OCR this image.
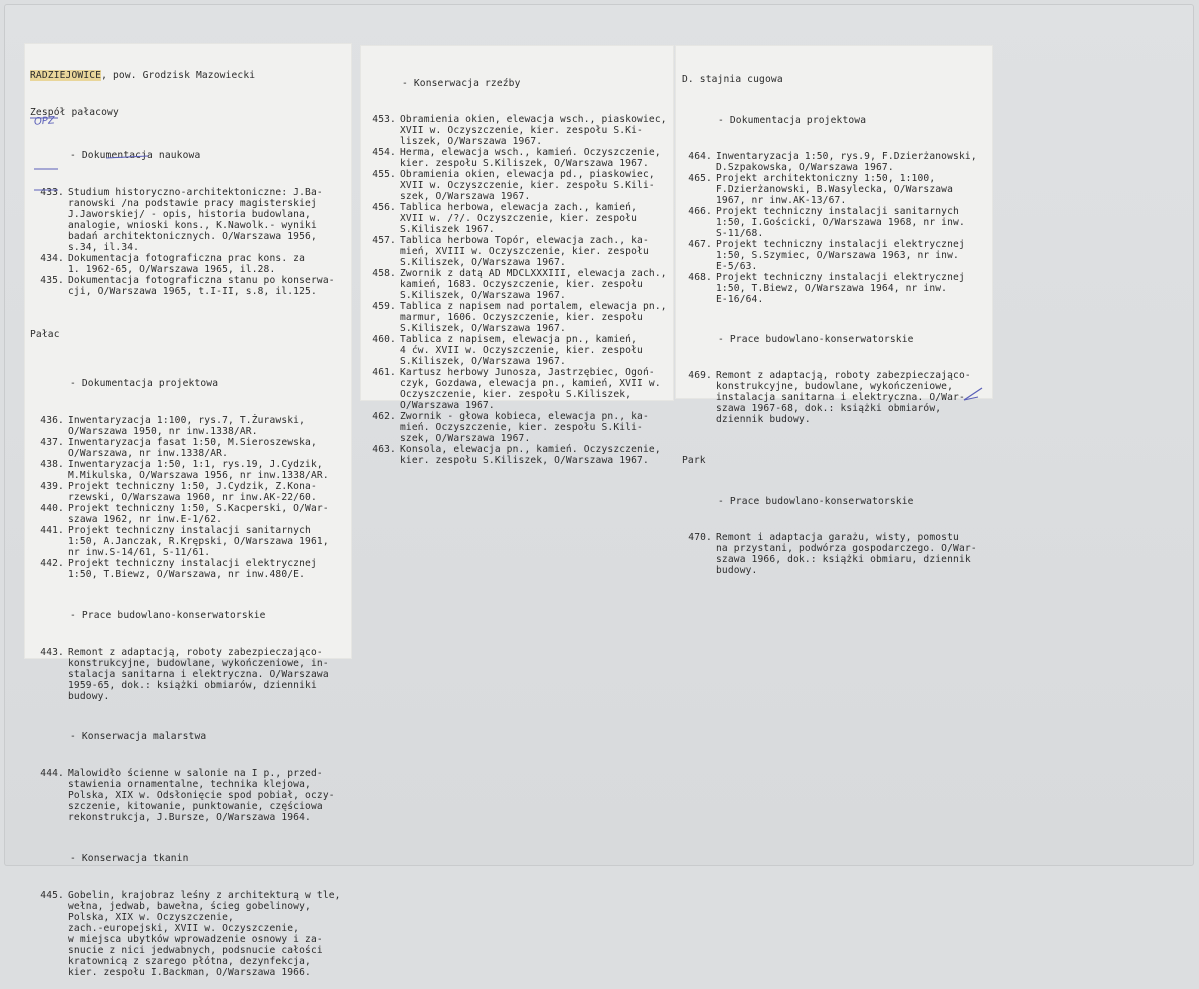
RADZIEJOWICE, pow. Grodzisk Mazowiecki

Zespół pałacowy

- Dokumentacja naukowa

433. Studium historyczno-architektoniczne: J.Ba-
ranowski /na podstawie pracy magisterskiej
J.Jaworskiej/ - opis, historia budowlana,
analogie, wnioski kons., K.Nawolk.- wyniki
badań architektonicznych. O/Warszawa 1956,
s.34, il.34.
434. Dokumentacja fotograficzna prac kons. za
1. 1962-65, O/Warszawa 1965, il.28.
435. Dokumentacja fotograficzna stanu po konserwa-
cji, O/Warszawa 1965, t.I-II, s.8, il.125.

Pałac

- Dokumentacja projektowa

436. Inwentaryzacja 1:100, rys.7, T.Żurawski,
O/Warszawa 1950, nr inw.1338/AR.
437. Inwentaryzacja fasat 1:50, M.Sieroszewska,
O/Warszawa, nr inw.1338/AR.
438. Inwentaryzacja 1:50, 1:1, rys.19, J.Cydzik,
M.Mikulska, O/Warszawa 1956, nr inw.1338/AR.
439. Projekt techniczny 1:50, J.Cydzik, Z.Kona-
rzewski, O/Warszawa 1960, nr inw.AK-22/60.
440. Projekt techniczny 1:50, S.Kacperski, O/War-
szawa 1962, nr inw.E-1/62.
441. Projekt techniczny instalacji sanitarnych
1:50, A.Janczak, R.Krępski, O/Warszawa 1961,
nr inw.S-14/61, S-11/61.
442. Projekt techniczny instalacji elektrycznej
1:50, T.Biewz, O/Warszawa, nr inw.480/E.

- Prace budowlano-konserwatorskie

443. Remont z adaptacją, roboty zabezpieczająco-
konstrukcyjne, budowlane, wykończeniowe, in-
stalacja sanitarna i elektryczna. O/Warszawa
1959-65, dok.: książki obmiarów, dzienniki
budowy.

- Konserwacja malarstwa

444. Malowidło ścienne w salonie na I p., przed-
stawienia ornamentalne, technika klejowa,
Polska, XIX w. Odsłonięcie spod pobiał, oczy-
szczenie, kitowanie, punktowanie, częściowa
rekonstrukcja, J.Bursze, O/Warszawa 1964.

- Konserwacja tkanin

445. Gobelin, krajobraz leśny z architekturą w tle,
wełna, jedwab, bawełna, ścieg gobelinowy,
Polska, XIX w. Oczyszczenie,
zach.-europejski, XVII w. Oczyszczenie,
w miejsca ubytków wprowadzenie osnowy i za-
snucie z nici jedwabnych, podsnucie całości
kratownicą z szarego płótna, dezynfekcja,
kier. zespołu I.Backman, O/Warszawa 1966.

- Konserwacja rzeźby

453. Obramienia okien, elewacja wsch., piaskowiec,
XVII w. Oczyszczenie, kier. zespołu S.Ki-
liszek, O/Warszawa 1967.
454. Herma, elewacja wsch., kamień. Oczyszczenie,
kier. zespołu S.Kiliszek, O/Warszawa 1967.
455. Obramienia okien, elewacja pd., piaskowiec,
XVII w. Oczyszczenie, kier. zespołu S.Kili-
szek, O/Warszawa 1967.
456. Tablica herbowa, elewacja zach., kamień,
XVII w. /?/. Oczyszczenie, kier. zespołu
S.Kiliszek 1967.
457. Tablica herbowa Topór, elewacja zach., ka-
mień, XVIII w. Oczyszczenie, kier. zespołu
S.Kiliszek, O/Warszawa 1967.
458. Zwornik z datą AD MDCLXXXIII, elewacja zach.,
kamień, 1683. Oczyszczenie, kier. zespołu
S.Kiliszek, O/Warszawa 1967.
459. Tablica z napisem nad portalem, elewacja pn.,
marmur, 1606. Oczyszczenie, kier. zespołu
S.Kiliszek, O/Warszawa 1967.
460. Tablica z napisem, elewacja pn., kamień,
4 ćw. XVII w. Oczyszczenie, kier. zespołu
S.Kiliszek, O/Warszawa 1967.
461. Kartusz herbowy Junosza, Jastrzębiec, Ogoń-
czyk, Gozdawa, elewacja pn., kamień, XVII w.
Oczyszczenie, kier. zespołu S.Kiliszek,
O/Warszawa 1967.
462. Zwornik - głowa kobieca, elewacja pn., ka-
mień. Oczyszczenie, kier. zespołu S.Kili-
szek, O/Warszawa 1967.
463. Konsola, elewacja pn., kamień. Oczyszczenie,
kier. zespołu S.Kiliszek, O/Warszawa 1967.

D. stajnia cugowa

- Dokumentacja projektowa

464. Inwentaryzacja 1:50, rys.9, F.Dzierżanowski,
D.Szpakowska, O/Warszawa 1967.
465. Projekt architektoniczny 1:50, 1:100,
F.Dzierżanowski, B.Wasylecka, O/Warszawa
1967, nr inw.AK-13/67.
466. Projekt techniczny instalacji sanitarnych
1:50, I.Gościcki, O/Warszawa 1968, nr inw.
S-11/68.
467. Projekt techniczny instalacji elektrycznej
1:50, S.Szymiec, O/Warszawa 1963, nr inw.
E-5/63.
468. Projekt techniczny instalacji elektrycznej
1:50, T.Biewz, O/Warszawa 1964, nr inw.
E-16/64.

- Prace budowlano-konserwatorskie

469. Remont z adaptacją, roboty zabezpieczająco-
konstrukcyjne, budowlane, wykończeniowe,
instalacja sanitarna i elektryczna. O/War-
szawa 1967-68, dok.: książki obmiarów,
dziennik budowy.

Park

- Prace budowlano-konserwatorskie

470. Remont i adaptacja garażu, wisty, pomostu
na przystani, podwórza gospodarczego. O/War-
szawa 1966, dok.: książki obmiaru, dziennik
budowy.

OPZ
